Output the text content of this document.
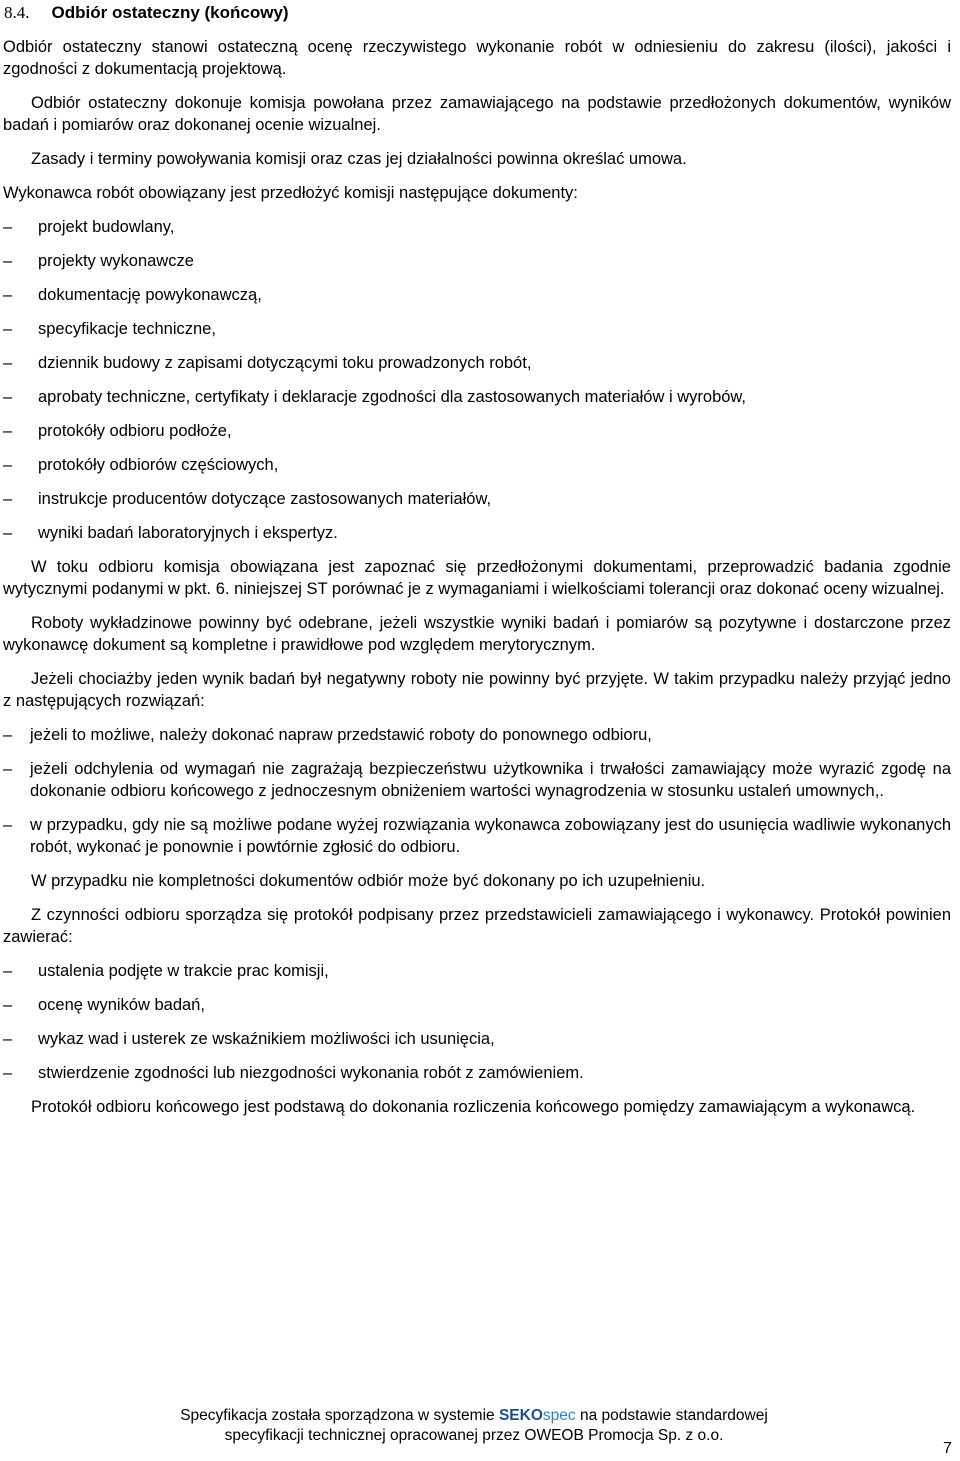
8.4. Odbiór ostateczny (końcowy)

Odbiór ostateczny stanowi ostateczną ocenę rzeczywistego wykonanie robót w odniesieniu do zakresu (ilości), jakości i zgodności z dokumentacją projektową.

Odbiór ostateczny dokonuje komisja powołana przez zamawiającego na podstawie przedłożonych dokumentów, wyników badań i pomiarów oraz dokonanej ocenie wizualnej.

Zasady i terminy powoływania komisji oraz czas jej działalności powinna określać umowa.

Wykonawca robót obowiązany jest przedłożyć komisji następujące dokumenty:

– projekt budowlany,
– projekty wykonawcze
– dokumentację powykonawczą,
– specyfikacje techniczne,
– dziennik budowy z zapisami dotyczącymi toku prowadzonych robót,
– aprobaty techniczne, certyfikaty i deklaracje zgodności dla zastosowanych materiałów i wyrobów,
– protokóły odbioru podłoże,
– protokóły odbiorów częściowych,
– instrukcje producentów dotyczące zastosowanych materiałów,
– wyniki badań laboratoryjnych i ekspertyz.

W toku odbioru komisja obowiązana jest zapoznać się przedłożonymi dokumentami, przeprowadzić badania zgodnie wytycznymi podanymi w pkt. 6. niniejszej ST porównać je z wymaganiami i wielkościami tolerancji oraz dokonać oceny wizualnej.

Roboty wykładzinowe powinny być odebrane, jeżeli wszystkie wyniki badań i pomiarów są pozytywne i dostarczone przez wykonawcę dokument są kompletne i prawidłowe pod względem merytorycznym.

Jeżeli chociażby jeden wynik badań był negatywny roboty nie powinny być przyjęte. W takim przypadku należy przyjąć jedno z następujących rozwiązań:

– jeżeli to możliwe, należy dokonać napraw przedstawić roboty do ponownego odbioru,
– jeżeli odchylenia od wymagań nie zagrażają bezpieczeństwu użytkownika i trwałości zamawiający może wyrazić zgodę na dokonanie odbioru końcowego z jednoczesnym obniżeniem wartości wynagrodzenia w stosunku ustaleń umownych,.
– w przypadku, gdy nie są możliwe podane wyżej rozwiązania wykonawca zobowiązany jest do usunięcia wadliwie wykonanych robót, wykonać je ponownie i powtórnie zgłosić do odbioru.

W przypadku nie kompletności dokumentów odbiór może być dokonany po ich uzupełnieniu.

Z czynności odbioru sporządza się protokół podpisany przez przedstawicieli zamawiającego i wykonawcy. Protokół powinien zawierać:

– ustalenia podjęte w trakcie prac komisji,
– ocenę wyników badań,
– wykaz wad i usterek ze wskaźnikiem możliwości ich usunięcia,
– stwierdzenie zgodności lub niezgodności wykonania robót z zamówieniem.

Protokół odbioru końcowego jest podstawą do dokonania rozliczenia końcowego pomiędzy zamawiającym a wykonawcą.

Specyfikacja została sporządzona w systemie SEKOspec na podstawie standardowej
specyfikacji technicznej opracowanej przez OWEOB Promocja Sp. z o.o.
7
